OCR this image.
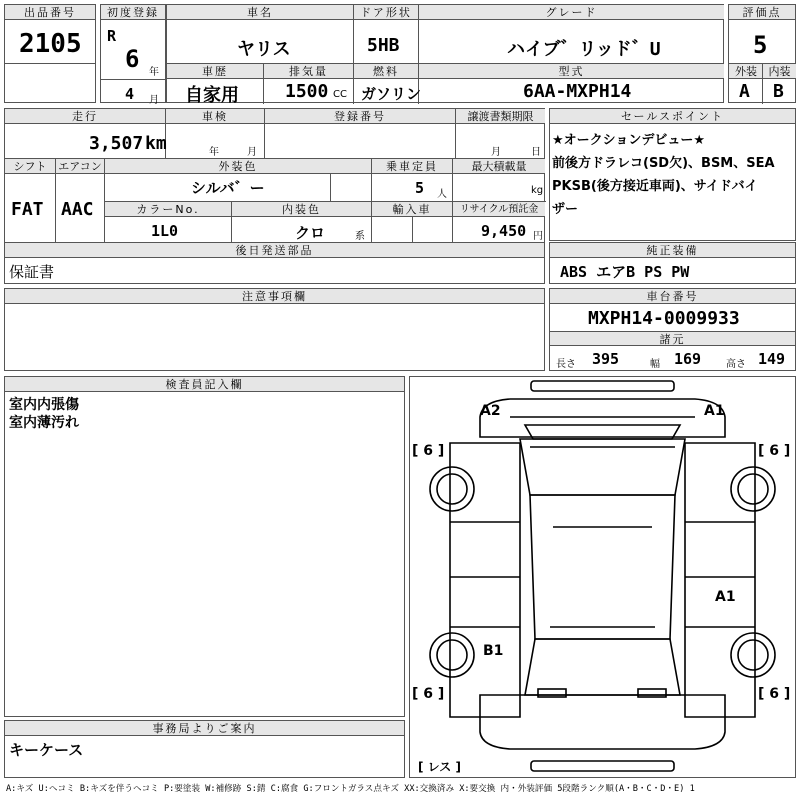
出品番号
2105
初度登録
R
6 年
4 月
車名
ヤリス
ドア形状
5HB
グレード
ハイブ゛リッド゛U
車歴
自家用
排気量
1500 CC
燃料
ガソリン
型式
6AA-MXPH14
評価点
5
外装	内装
A B
走行
3,507 km
車検
年	月
登録番号	譲渡書類期限
月	日
シフト
FAT
エアコン
AAC
外装色
シルバ゛ー
乗車定員
5 人
最大積載量
kg
カラーNo.
1L0
内装色
クロ	系
輸入車	リサイクル預託金
9,450 円
後日発送部品
保証書
セールスポイント
★オークションデビュー★
前後方ドラレコ(SD欠)、BSM、SEA
PKSB(後方接近車両)、サイドバイ
ザー
純正装備
ABS エアB PS PW
注意事項欄	車台番号
MXPH14-0009933
諸元
長さ 395	幅 169 高さ 149
検査員記入欄
室内内張傷
室内薄汚れ
事務局よりご案内
キーケース
A2	A1
A1
B1
[ 6 ]	[ 6 ]
[ 6 ]	[ 6 ]
[ レス ]
A:キズ U:ヘコミ B:キズを伴うヘコミ P:要塗装 W:補修跡 S:錆 C:腐食 G:フロントガラス点キズ XX:交換済み X:要交換 内・外装評価 5段階ランク順(A・B・C・D・E) 1
